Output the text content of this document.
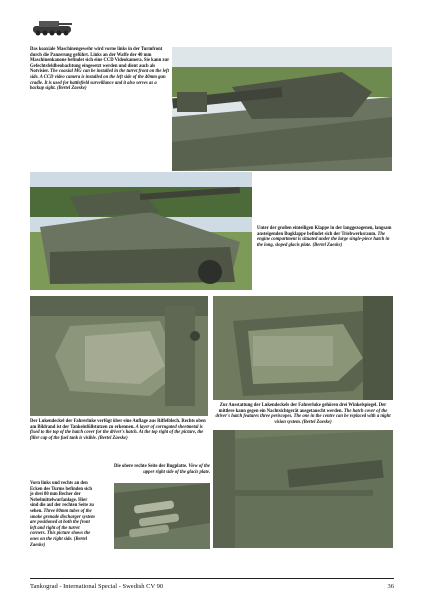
Das koaxiale Maschinengewehr wird vorne links in der Turmfront durch die Panzerung geführt. Links an der Waffe der 40 mm Maschinenkanone befindet sich eine CCD Videokamera. Sie kann zur Gefechtsfeldbeobachtung eingesetzt werden und dient auch als Notvisier. The coaxial MG can be installed in the turret front on the left side. A CCD video camera is installed on the left side of the 40mm gun cradle. It is used for battlefield surveillance and it also serves as a backup sight. (Bertel Zaeske)
Unter der großen einteiligen Klappe in der langgezogenen, langsam ansteigenden Bugklappe befindet sich der Triebwerksraum. The engine compartment is situated under the large single-piece hatch in the long, sloped glacis plate. (Bertel Zaeske)
Der Lukendeckel der Fahrerluke verfügt über eine Auflage aus Riffelblech. Rechts oben am Bildrand ist der Tankeinfüllstutzen zu erkennen. A layer of corrugated sheetmetal is fixed to the top of the hatch cover for the driver's hatch. At the top right of the picture, the filler cap of the fuel tank is visible. (Bertel Zaeske)
Zur Ausstattung der Lukendeckels der Fahrerluke gehören drei Winkelspiegel. Der mittlere kann gegen ein Nachtsichtgerät ausgetauscht werden. The hatch cover of the driver's hatch features three periscopes. The one in the centre can be replaced with a night vision system. (Bertel Zaeske)
Die obere rechte Seite der Bugplatte. View of the upper right side of the glacis plate.
Vorn links und rechts an den Ecken des Turms befinden sich je drei 80 mm Becher der Nebelmittelwurfanlage. Hier sind die auf der rechten Seite zu sehen. Three 80mm tubes of the smoke grenade discharger system are positioned at both the front left and right of the turret corners. This picture shows the ones on the right side. (Bertel Zaeske)
Tankograd - International Special - Swedish CV 90	36
